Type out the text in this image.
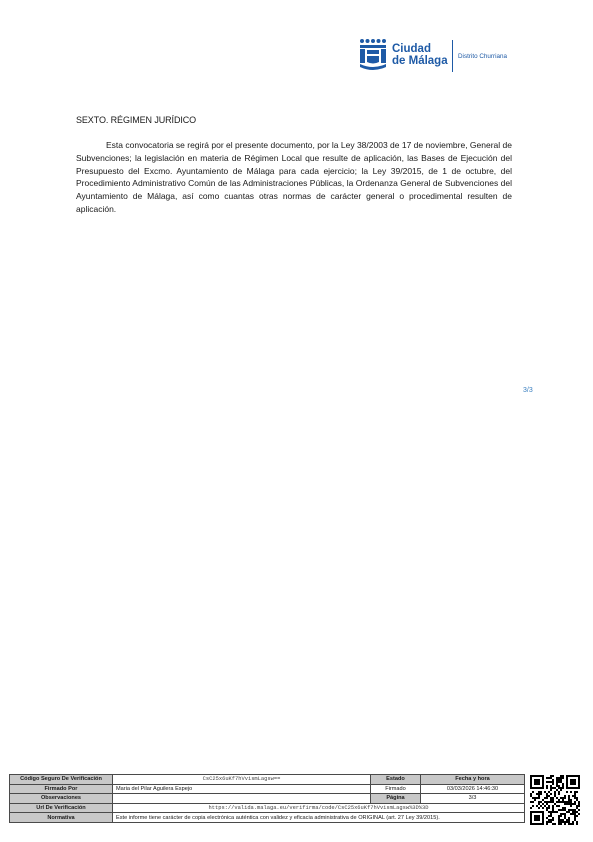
Ciudad
de Málaga Distrito Churriana
SEXTO. RÉGIMEN JURÍDICO

Esta convocatoria se regirá por el presente documento, por la Ley 38/2003 de 17 de noviembre, General de Subvenciones; la legislación en materia de Régimen Local que resulte de aplicación, las Bases de Ejecución del Presupuesto del Excmo. Ayuntamiento de Málaga para cada ejercicio; la Ley 39/2015, de 1 de octubre, del Procedimiento Administrativo Común de las Administraciones Públicas, la Ordenanza General de Subvenciones del Ayuntamiento de Málaga, así como cuantas otras normas de carácter general o procedimental resulten de aplicación.

3/3
Código Seguro De Verificación	CsC25x6uKf7hVvismLagsw==	Estado	Fecha y hora
Firmado Por	Maria del Pilar Aguilera Espejo	Firmado	03/03/2026 14:46:30
Observaciones		Página	3/3
Url De Verificación	https://valida.malaga.eu/verifirma/code/CsC25x6uKf7hVvismLagsw%3D%3D		
Normativa	Este informe tiene carácter de copia electrónica auténtica con validez y eficacia administrativa de ORIGINAL (art. 27 Ley 39/2015).		
